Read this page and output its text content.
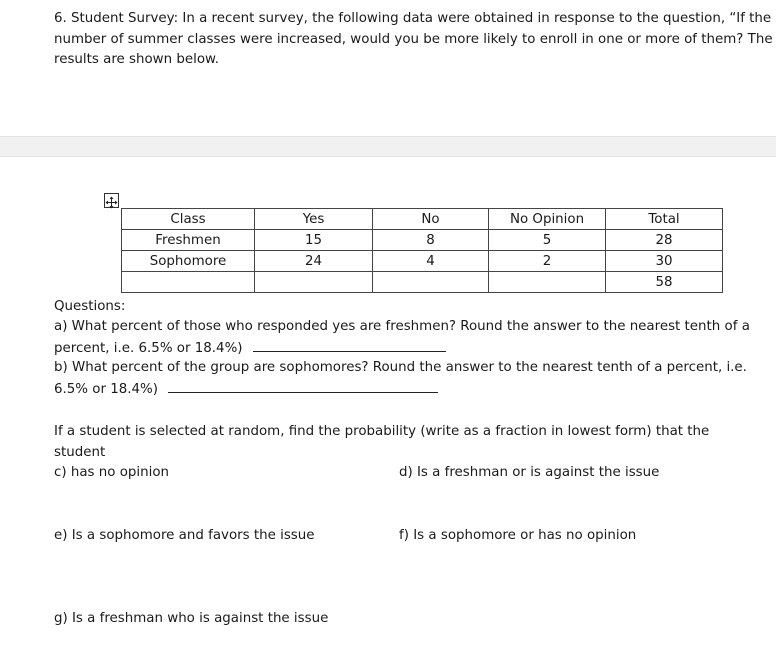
6. Student Survey: In a recent survey, the following data were obtained in response to the question, “If the
number of summer classes were increased, would you be more likely to enroll in one or more of them? The
results are shown below.
Class	Yes	No	No Opinion	Total
Freshmen	15	8	5	28
Sophomore	24	4	2	30
				58
Questions:
a) What percent of those who responded yes are freshmen? Round the answer to the nearest tenth of a
percent, i.e. 6.5% or 18.4%)
b) What percent of the group are sophomores? Round the answer to the nearest tenth of a percent, i.e.
6.5% or 18.4%)
If a student is selected at random, find the probability (write as a fraction in lowest form) that the
student
c) has no opinion	d) Is a freshman or is against the issue
e) Is a sophomore and favors the issue	f) Is a sophomore or has no opinion
g) Is a freshman who is against the issue
